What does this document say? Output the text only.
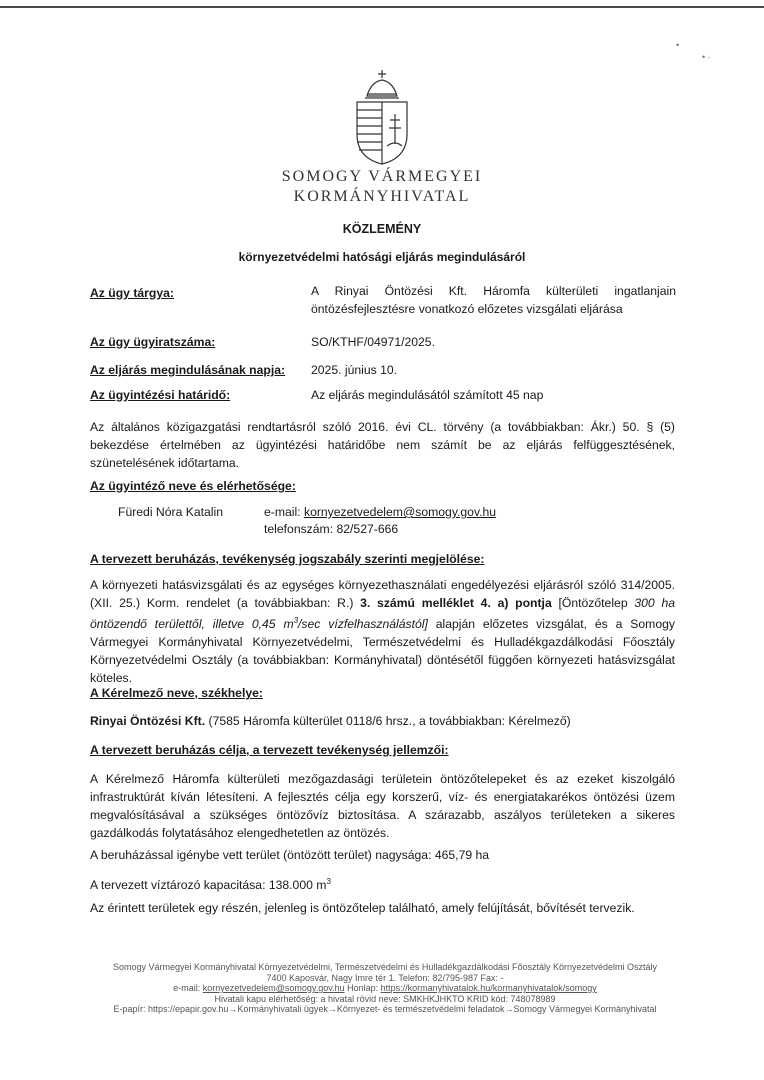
•
• ·
SOMOGY VÁRMEGYEI
KORMÁNYHIVATAL
KÖZLEMÉNY
környezetvédelmi hatósági eljárás megindulásáról
Az ügy tárgya:	A Rinyai Öntözési Kft. Háromfa külterületi ingatlanjain
öntözésfejlesztésre vonatkozó előzetes vizsgálati eljárása
Az ügy ügyiratszáma:	SO/KTHF/04971/2025.
Az eljárás megindulásának napja: 2025. június 10.
Az ügyintézési határidő:	Az eljárás megindulásától számított 45 nap
Az általános közigazgatási rendtartásról szóló 2016. évi CL. törvény (a továbbiakban: Ákr.) 50. § (5) bekezdése értelmében az ügyintézési határidőbe nem számít be az eljárás felfüggesztésének, szünetelésének időtartama.
Az ügyintéző neve és elérhetősége:
Füredi Nóra Katalin	e-mail: kornyezetvedelem@somogy.gov.hu
telefonszám: 82/527-666
A tervezett beruházás, tevékenység jogszabály szerinti megjelölése:
A környezeti hatásvizsgálati és az egységes környezethasználati engedélyezési eljárásról szóló 314/2005. (XII. 25.) Korm. rendelet (a továbbiakban: R.) 3. számú melléklet 4. a) pontja [Öntözőtelep 300 ha öntözendő területtől, illetve 0,45 $m^3/\sec$ vízfelhasználástól] alapján előzetes vizsgálat, és a Somogy Vármegyei Kormányhivatal Környezetvédelmi, Természetvédelmi és Hulladékgazdálkodási Főosztály Környezetvédelmi Osztály (a továbbiakban: Kormányhivatal) döntésétől függően környezeti hatásvizsgálat köteles.
A Kérelmező neve, székhelye:
Rinyai Öntözési Kft. (7585 Háromfa külterület 0118/6 hrsz., a továbbiakban: Kérelmező)
A tervezett beruházás célja, a tervezett tevékenység jellemzői:
A Kérelmező Háromfa külterületi mezőgazdasági területein öntözőtelepeket és az ezeket kiszolgáló infrastruktúrát kíván létesíteni. A fejlesztés célja egy korszerű, víz- és energiatakarékos öntözési üzem megvalósításával a szükséges öntözővíz biztosítása. A szárazabb, aszályos területeken a sikeres gazdálkodás folytatásához elengedhetetlen az öntözés.
A beruházással igénybe vett terület (öntözött terület) nagysága: 465,79 ha
A tervezett víztározó kapacitása: 138.000 $m^3$
Az érintett területek egy részén, jelenleg is öntözőtelep található, amely felújítását, bővítését tervezik.
Somogy Vármegyei Kormányhivatal Környezetvédelmi, Természetvédelmi és Hulladékgazdálkodási Főosztály Környezetvédelmi Osztály
7400 Kaposvár, Nagy Imre tér 1. Telefon: 82/795-987 Fax: -
e-mail: kornyezetvedelem@somogy.gov.hu Honlap: https://kormanyhivatalok.hu/kormanyhivatalok/somogy
Hivatali kapu elérhetőség: a hivatal rövid neve: SMKHKJHKTO KRID kód: 748078989
E-papír: https://epapir.gov.hu→Kormányhivatali ügyek→Környezet- és természetvédelmi feladatok→Somogy Vármegyei Kormányhivatal
